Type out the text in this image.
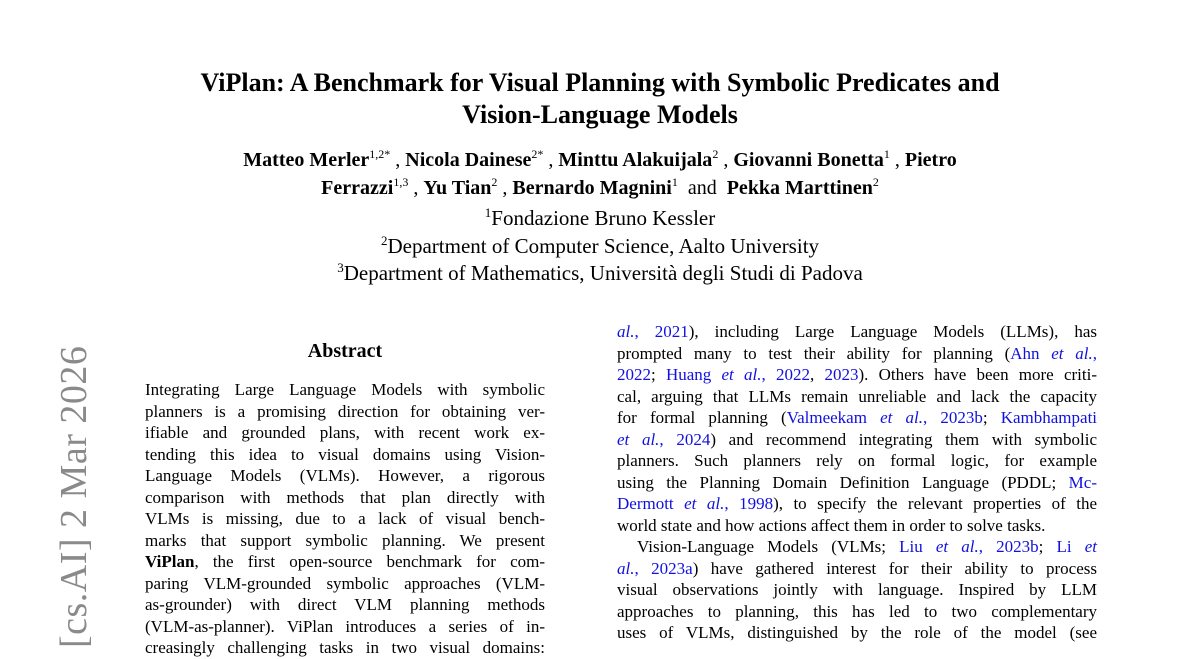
[cs.AI] 2 Mar 2026
ViPlan: A Benchmark for Visual Planning with Symbolic Predicates and
Vision-Language Models
Matteo Merler$^{1,2*}$ , Nicola Dainese$^{2*}$ , Minttu Alakuijala$^2$ , Giovanni Bonetta$^1$ , Pietro
Ferrazzi$^{1,3}$ , Yu Tian$^2$ , Bernardo Magnini$^1$ and Pekka Marttinen$^2$
$^1$Fondazione Bruno Kessler
$^2$Department of Computer Science, Aalto University
$^3$Department of Mathematics, Università degli Studi di Padova
Abstract
Integrating Large Language Models with symbolic
planners is a promising direction for obtaining ver-
ifiable and grounded plans, with recent work ex-
tending this idea to visual domains using Vision-
Language Models (VLMs). However, a rigorous
comparison with methods that plan directly with
VLMs is missing, due to a lack of visual bench-
marks that support symbolic planning. We present
ViPlan, the first open-source benchmark for com-
paring VLM-grounded symbolic approaches (VLM-
as-grounder) with direct VLM planning methods
(VLM-as-planner). ViPlan introduces a series of in-
creasingly challenging tasks in two visual domains:
al., 2021), including Large Language Models (LLMs), has
prompted many to test their ability for planning (Ahn et al.,
2022; Huang et al., 2022, 2023). Others have been more criti-
cal, arguing that LLMs remain unreliable and lack the capacity
for formal planning (Valmeekam et al., 2023b; Kambhampati
et al., 2024) and recommend integrating them with symbolic
planners. Such planners rely on formal logic, for example
using the Planning Domain Definition Language (PDDL; Mc-
Dermott et al., 1998), to specify the relevant properties of the
world state and how actions affect them in order to solve tasks.
Vision-Language Models (VLMs; Liu et al., 2023b; Li et
al., 2023a) have gathered interest for their ability to process
visual observations jointly with language. Inspired by LLM
approaches to planning, this has led to two complementary
uses of VLMs, distinguished by the role of the model (see
